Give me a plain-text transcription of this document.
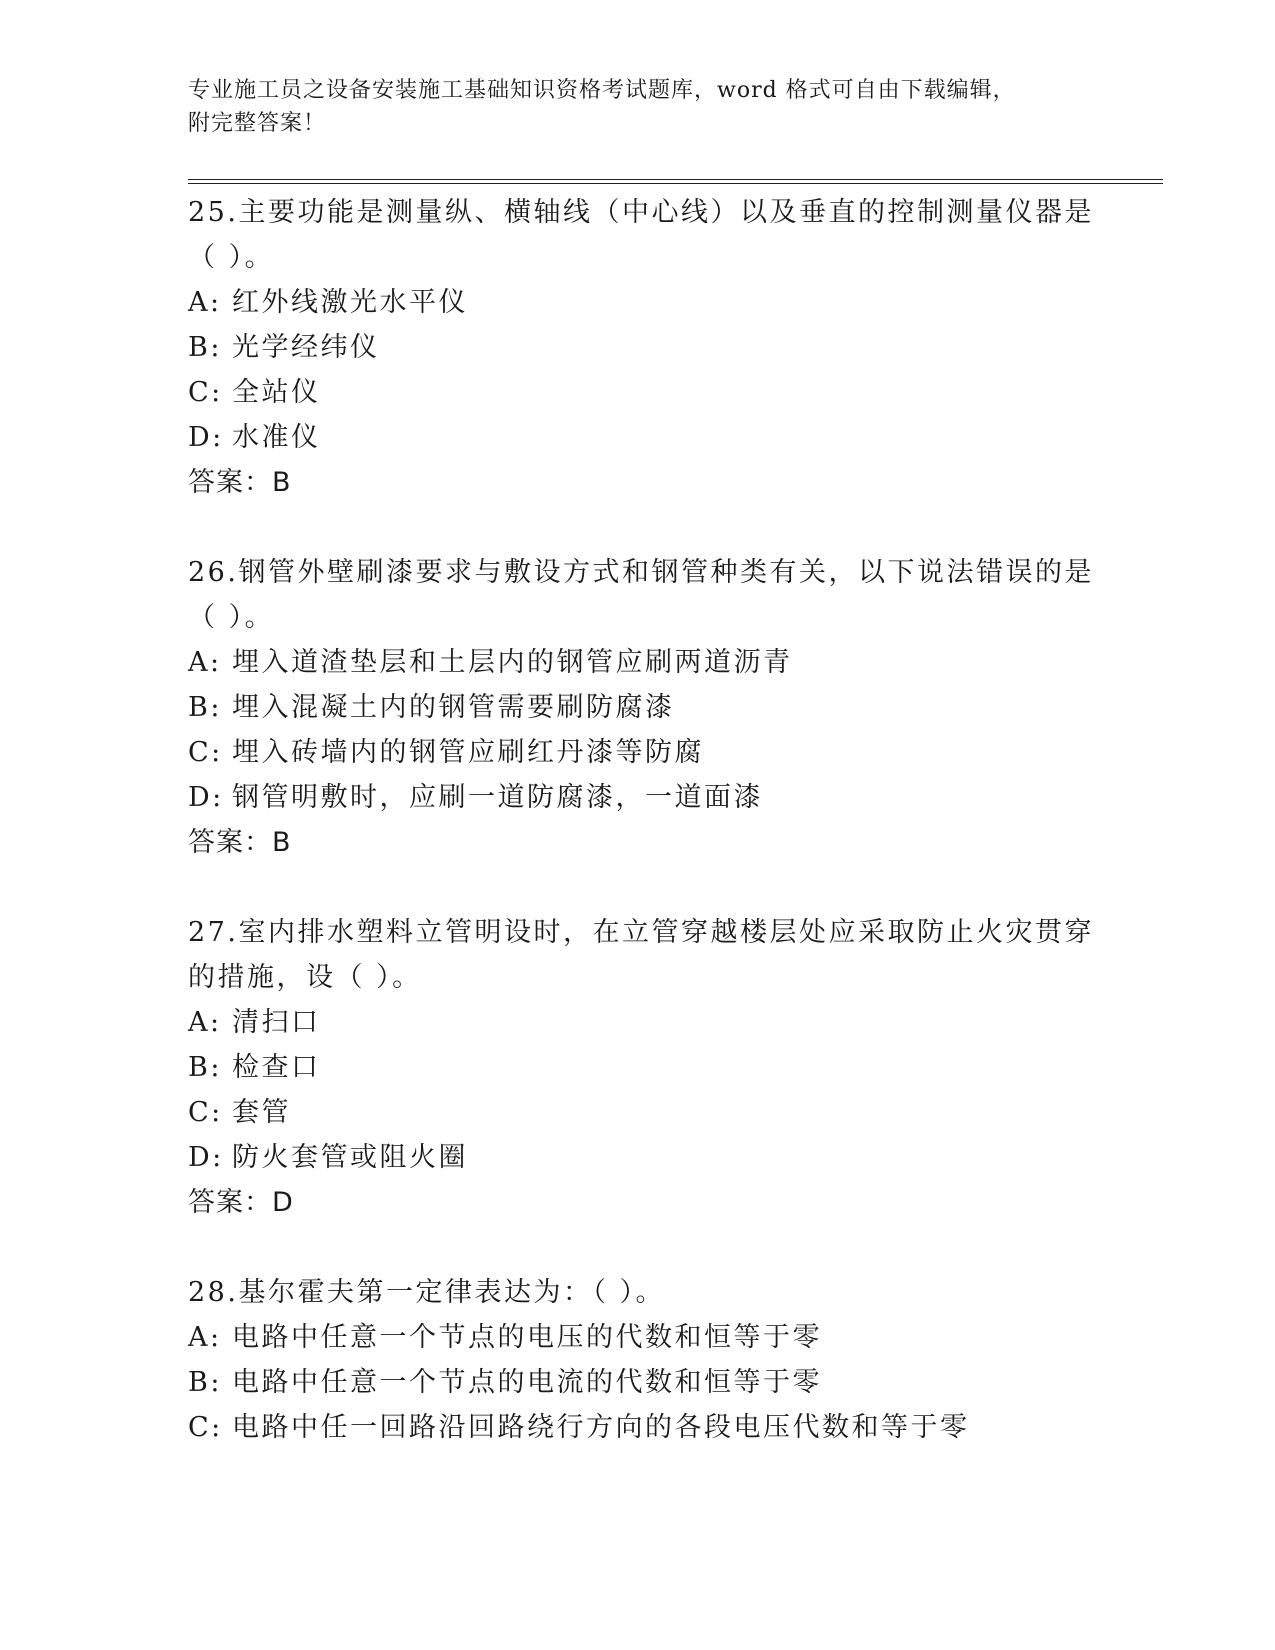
专业施工员之设备安装施工基础知识资格考试题库，word 格式可自由下载编辑，
附完整答案！
25.主要功能是测量纵、横轴线（中心线）以及垂直的控制测量仪器是
（ ）。
A: 红外线激光水平仪
B: 光学经纬仪
C: 全站仪
D: 水准仪
答案：B
26.钢管外壁刷漆要求与敷设方式和钢管种类有关，以下说法错误的是
（ ）。
A: 埋入道渣垫层和土层内的钢管应刷两道沥青
B: 埋入混凝土内的钢管需要刷防腐漆
C: 埋入砖墙内的钢管应刷红丹漆等防腐
D: 钢管明敷时，应刷一道防腐漆，一道面漆
答案：B
27.室内排水塑料立管明设时，在立管穿越楼层处应采取防止火灾贯穿
的措施，设（ ）。
A: 清扫口
B: 检查口
C: 套管
D: 防火套管或阻火圈
答案：D
28.基尔霍夫第一定律表达为：（ ）。
A: 电路中任意一个节点的电压的代数和恒等于零
B: 电路中任意一个节点的电流的代数和恒等于零
C: 电路中任一回路沿回路绕行方向的各段电压代数和等于零
